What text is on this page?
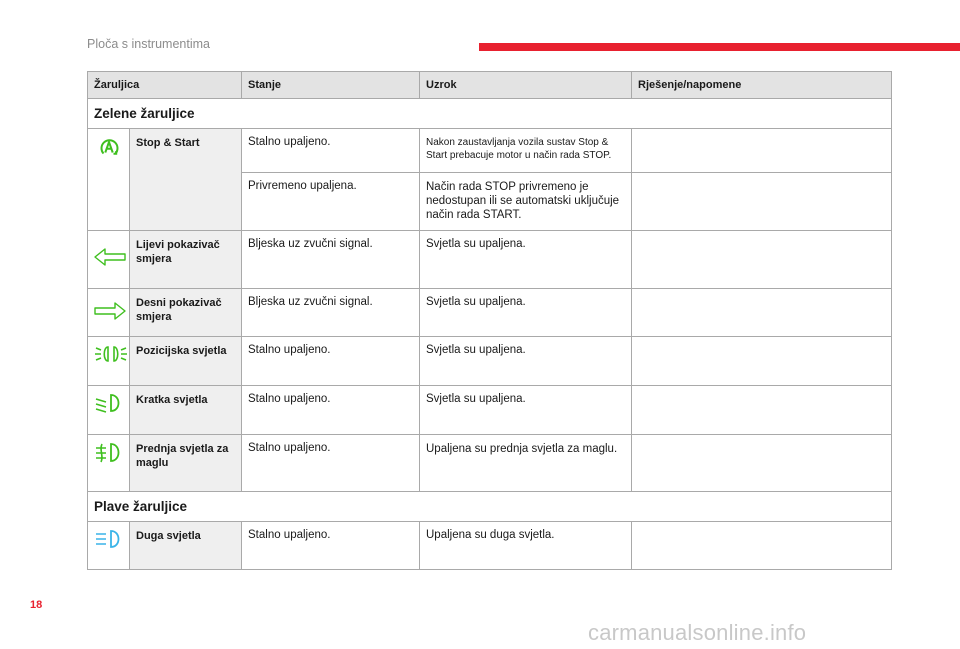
Ploča s instrumentima
Žaruljica		Stanje	Uzrok	Rješenje/napomene
Zelene žaruljice				

	Stop & Start	Stalno upaljeno.	Nakon zaustavljanja vozila sustav Stop & Start prebacuje motor u način rada STOP.	
		Privremeno upaljena.	Način rada STOP privremeno je nedostupan ili se automatski uključuje način rada START.	

	Lijevi pokazivač smjera	Bljeska uz zvučni signal.	Svjetla su upaljena.	

	Desni pokazivač smjera	Bljeska uz zvučni signal.	Svjetla su upaljena.	

	Pozicijska svjetla	Stalno upaljeno.	Svjetla su upaljena.	

	Kratka svjetla	Stalno upaljeno.	Svjetla su upaljena.	

	Prednja svjetla za maglu	Stalno upaljeno.	Upaljena su prednja svjetla za maglu.	
Plave žaruljice				

	Duga svjetla	Stalno upaljeno.	Upaljena su duga svjetla.	
18
carmanualsonline.info
